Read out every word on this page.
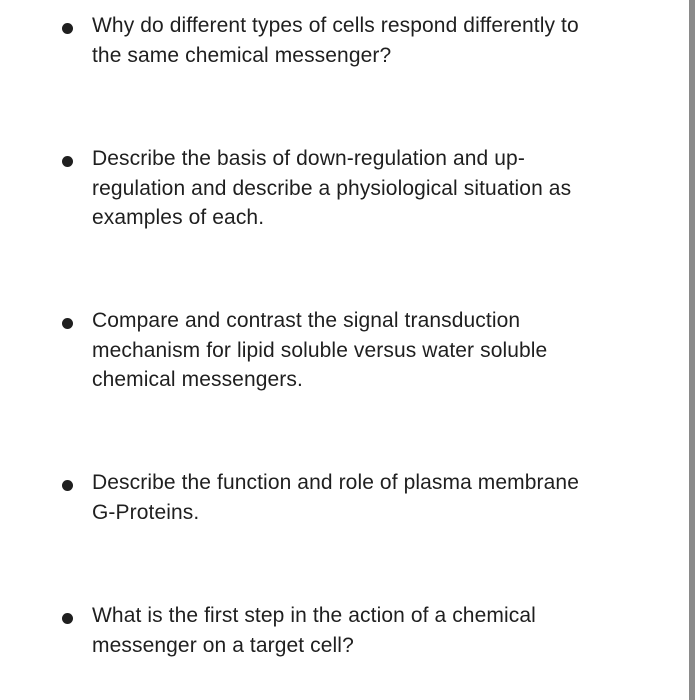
Why do different types of cells respond differently to
the same chemical messenger?
Describe the basis of down-regulation and up-
regulation and describe a physiological situation as
examples of each.
Compare and contrast the signal transduction
mechanism for lipid soluble versus water soluble
chemical messengers.
Describe the function and role of plasma membrane
G-Proteins.
What is the first step in the action of a chemical
messenger on a target cell?
